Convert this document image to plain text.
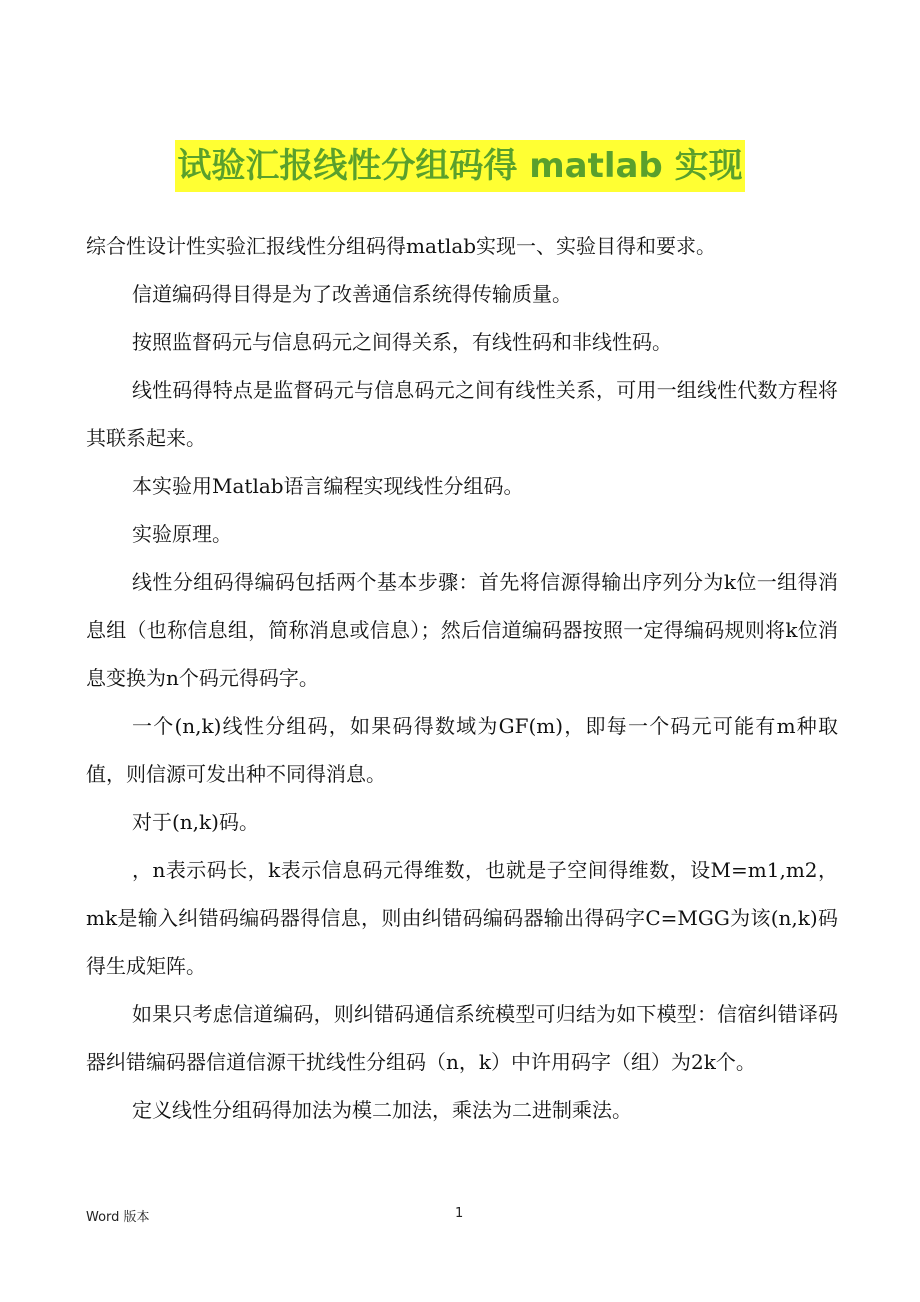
试验汇报线性分组码得 matlab 实现

综合性设计性实验汇报线性分组码得matlab实现一、实验目得和要求。

信道编码得目得是为了改善通信系统得传输质量。

按照监督码元与信息码元之间得关系，有线性码和非线性码。

线性码得特点是监督码元与信息码元之间有线性关系，可用一组线性代数方程将其联系起来。

本实验用Matlab语言编程实现线性分组码。

实验原理。

线性分组码得编码包括两个基本步骤：首先将信源得输出序列分为k位一组得消息组（也称信息组，简称消息或信息）；然后信道编码器按照一定得编码规则将k位消息变换为n个码元得码字。

一个(n,k)线性分组码，如果码得数域为GF(m)，即每一个码元可能有m种取值，则信源可发出种不同得消息。

对于(n,k)码。

，n表示码长，k表示信息码元得维数，也就是子空间得维数，设M=m1,m2，mk是输入纠错码编码器得信息，则由纠错码编码器输出得码字C=MGG为该(n,k)码得生成矩阵。

如果只考虑信道编码，则纠错码通信系统模型可归结为如下模型：信宿纠错译码器纠错编码器信道信源干扰线性分组码（n，k）中许用码字（组）为2k个。

定义线性分组码得加法为模二加法，乘法为二进制乘法。

Word 版本	1
